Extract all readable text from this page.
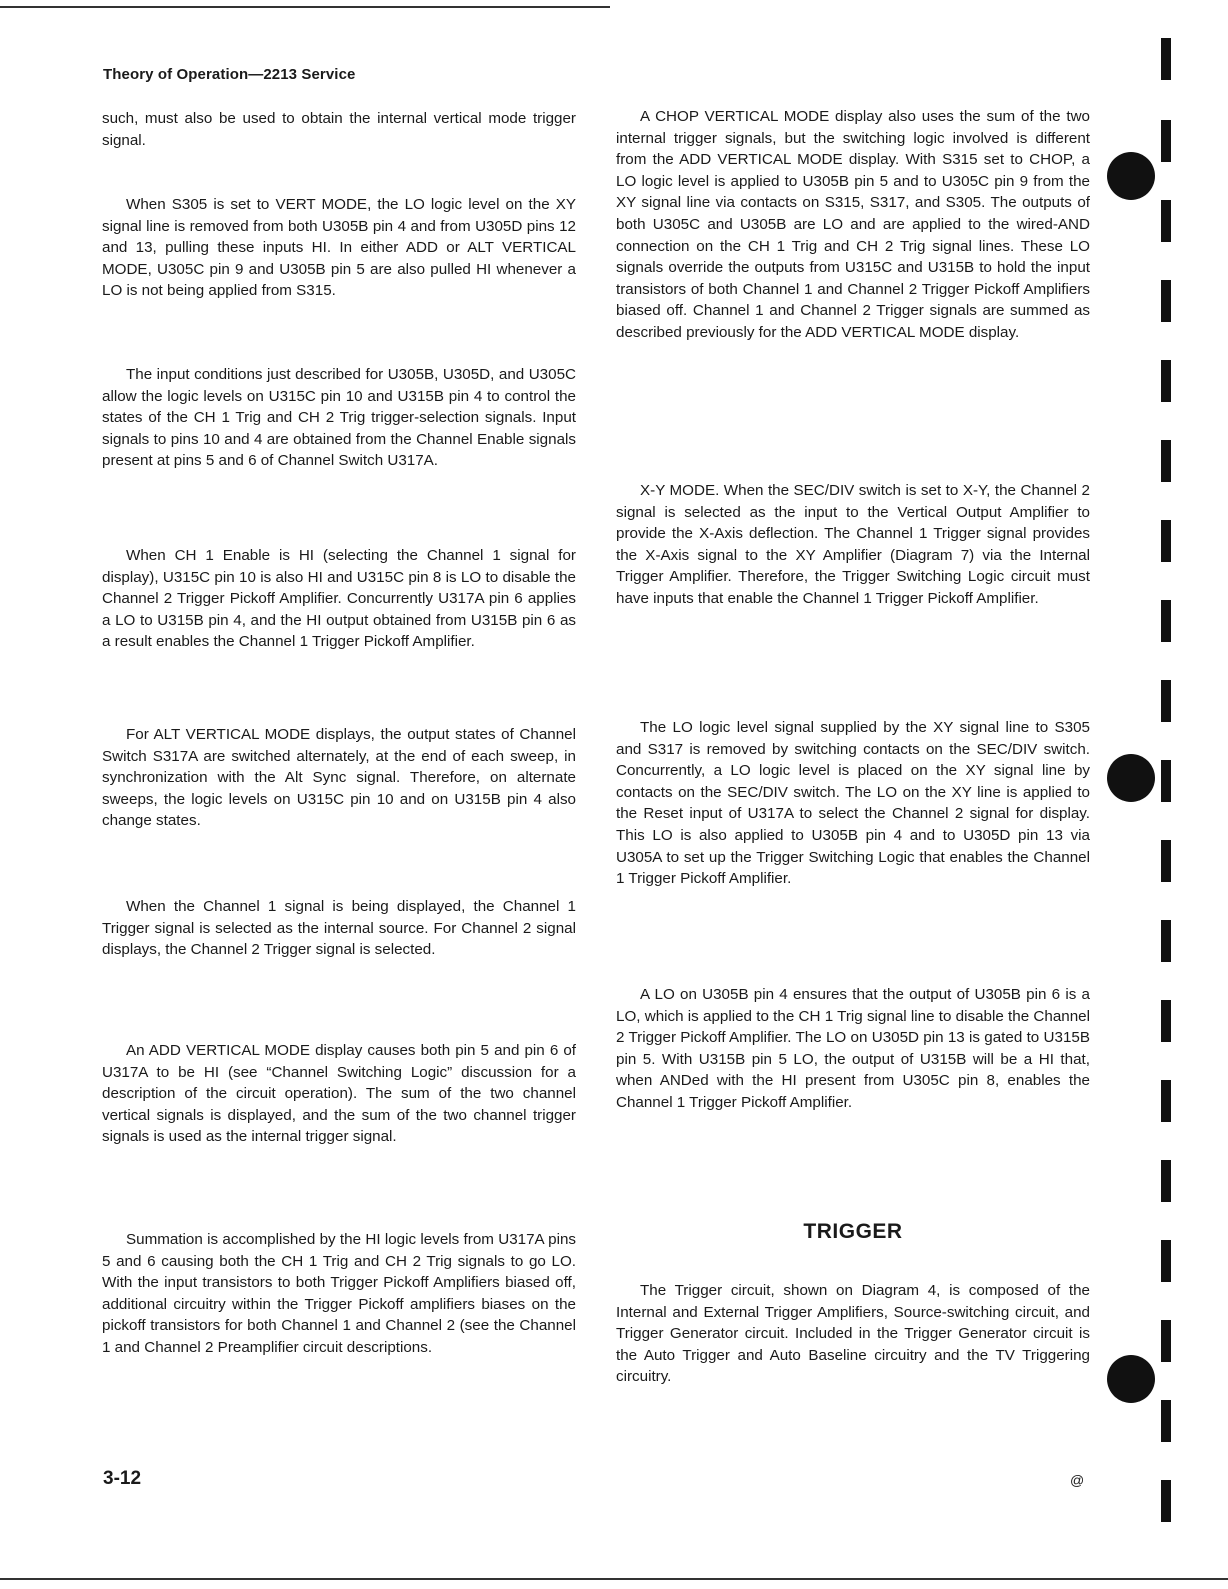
Theory of Operation—2213 Service

such, must also be used to obtain the internal vertical mode trigger signal.

When S305 is set to VERT MODE, the LO logic level on the XY signal line is removed from both U305B pin 4 and from U305D pins 12 and 13, pulling these inputs HI. In either ADD or ALT VERTICAL MODE, U305C pin 9 and U305B pin 5 are also pulled HI whenever a LO is not being applied from S315.

The input conditions just described for U305B, U305D, and U305C allow the logic levels on U315C pin 10 and U315B pin 4 to control the states of the CH 1 Trig and CH 2 Trig trigger-selection signals. Input signals to pins 10 and 4 are obtained from the Channel Enable signals present at pins 5 and 6 of Channel Switch U317A.

When CH 1 Enable is HI (selecting the Channel 1 signal for display), U315C pin 10 is also HI and U315C pin 8 is LO to disable the Channel 2 Trigger Pickoff Amplifier. Concurrently U317A pin 6 applies a LO to U315B pin 4, and the HI output obtained from U315B pin 6 as a result enables the Channel 1 Trigger Pickoff Amplifier.

For ALT VERTICAL MODE displays, the output states of Channel Switch S317A are switched alternately, at the end of each sweep, in synchronization with the Alt Sync signal. Therefore, on alternate sweeps, the logic levels on U315C pin 10 and on U315B pin 4 also change states.

When the Channel 1 signal is being displayed, the Channel 1 Trigger signal is selected as the internal source. For Channel 2 signal displays, the Channel 2 Trigger signal is selected.

An ADD VERTICAL MODE display causes both pin 5 and pin 6 of U317A to be HI (see “Channel Switching Logic” discussion for a description of the circuit operation). The sum of the two channel vertical signals is displayed, and the sum of the two channel trigger signals is used as the internal trigger signal.

Summation is accomplished by the HI logic levels from U317A pins 5 and 6 causing both the CH 1 Trig and CH 2 Trig signals to go LO. With the input transistors to both Trigger Pickoff Amplifiers biased off, additional circuitry within the Trigger Pickoff amplifiers biases on the pickoff transistors for both Channel 1 and Channel 2 (see the Channel 1 and Channel 2 Preamplifier circuit descriptions.

A CHOP VERTICAL MODE display also uses the sum of the two internal trigger signals, but the switching logic involved is different from the ADD VERTICAL MODE display. With S315 set to CHOP, a LO logic level is applied to U305B pin 5 and to U305C pin 9 from the XY signal line via contacts on S315, S317, and S305. The outputs of both U305C and U305B are LO and are applied to the wired-AND connection on the CH 1 Trig and CH 2 Trig signal lines. These LO signals override the outputs from U315C and U315B to hold the input transistors of both Channel 1 and Channel 2 Trigger Pickoff Amplifiers biased off. Channel 1 and Channel 2 Trigger signals are summed as described previously for the ADD VERTICAL MODE display.

X-Y MODE. When the SEC/DIV switch is set to X-Y, the Channel 2 signal is selected as the input to the Vertical Output Amplifier to provide the X-Axis deflection. The Channel 1 Trigger signal provides the X-Axis signal to the XY Amplifier (Diagram 7) via the Internal Trigger Amplifier. Therefore, the Trigger Switching Logic circuit must have inputs that enable the Channel 1 Trigger Pickoff Amplifier.

The LO logic level signal supplied by the XY signal line to S305 and S317 is removed by switching contacts on the SEC/DIV switch. Concurrently, a LO logic level is placed on the XY signal line by contacts on the SEC/DIV switch. The LO on the XY line is applied to the Reset input of U317A to select the Channel 2 signal for display. This LO is also applied to U305B pin 4 and to U305D pin 13 via U305A to set up the Trigger Switching Logic that enables the Channel 1 Trigger Pickoff Amplifier.

A LO on U305B pin 4 ensures that the output of U305B pin 6 is a LO, which is applied to the CH 1 Trig signal line to disable the Channel 2 Trigger Pickoff Amplifier. The LO on U305D pin 13 is gated to U315B pin 5. With U315B pin 5 LO, the output of U315B will be a HI that, when ANDed with the HI present from U305C pin 8, enables the Channel 1 Trigger Pickoff Amplifier.

TRIGGER

The Trigger circuit, shown on Diagram 4, is composed of the Internal and External Trigger Amplifiers, Source-switching circuit, and Trigger Generator circuit. Included in the Trigger Generator circuit is the Auto Trigger and Auto Baseline circuitry and the TV Triggering circuitry.

3-12	@
